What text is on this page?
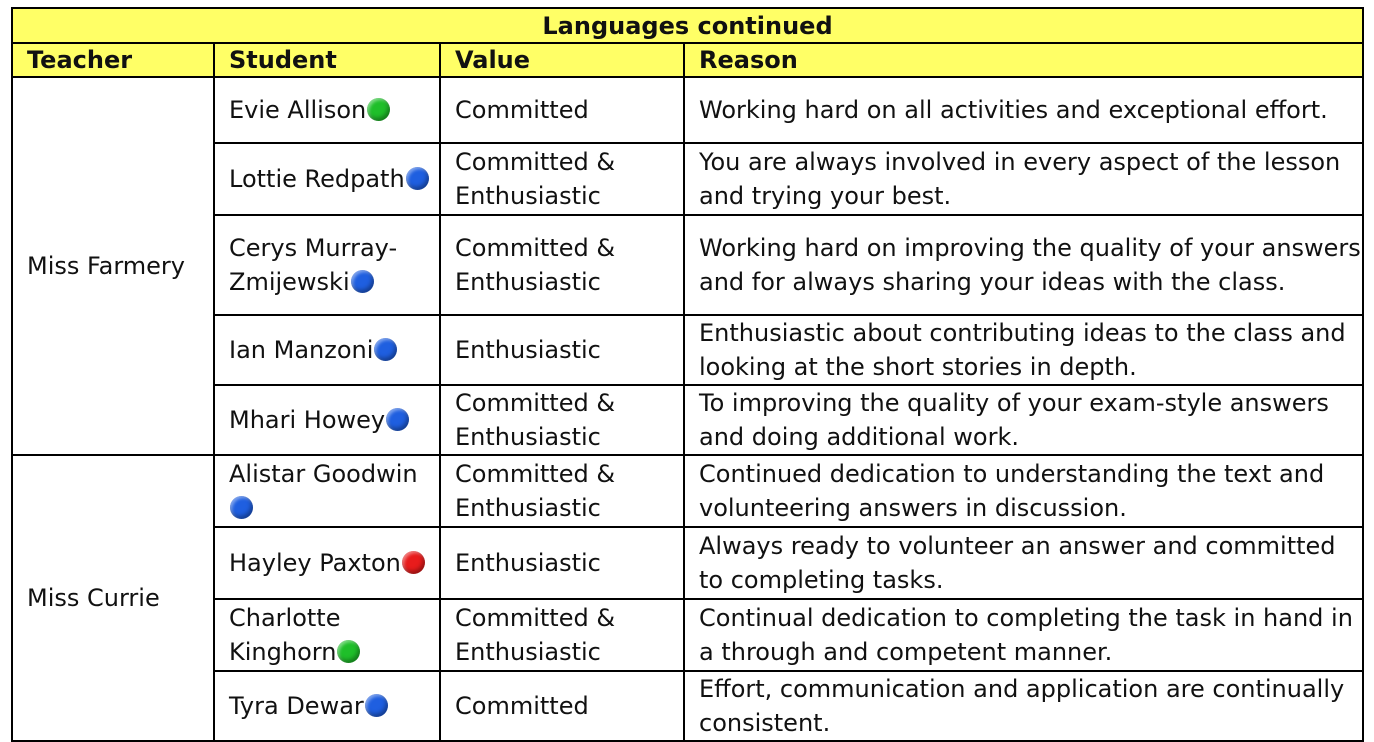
Languages continued			
Teacher	Student	Value	Reason
Miss Farmery	Evie Allison	Committed	Working hard on all activities and exceptional effort.
	Lottie Redpath	Committed & Enthusiastic	You are always involved in every aspect of the lesson and trying your best.
	Cerys Murray-Zmijewski	Committed & Enthusiastic	Working hard on improving the quality of your answers and for always sharing your ideas with the class.
	Ian Manzoni	Enthusiastic	Enthusiastic about contributing ideas to the class and looking at the short stories in depth.
	Mhari Howey	Committed & Enthusiastic	To improving the quality of your exam-style answers and doing additional work.
Miss Currie	Alistar Goodwin	Committed & Enthusiastic	Continued dedication to understanding the text and volunteering answers in discussion.
	Hayley Paxton	Enthusiastic	Always ready to volunteer an answer and committed to completing tasks.
	Charlotte Kinghorn	Committed & Enthusiastic	Continual dedication to completing the task in hand in a through and competent manner.
	Tyra Dewar	Committed	Effort, communication and application are continually consistent.
